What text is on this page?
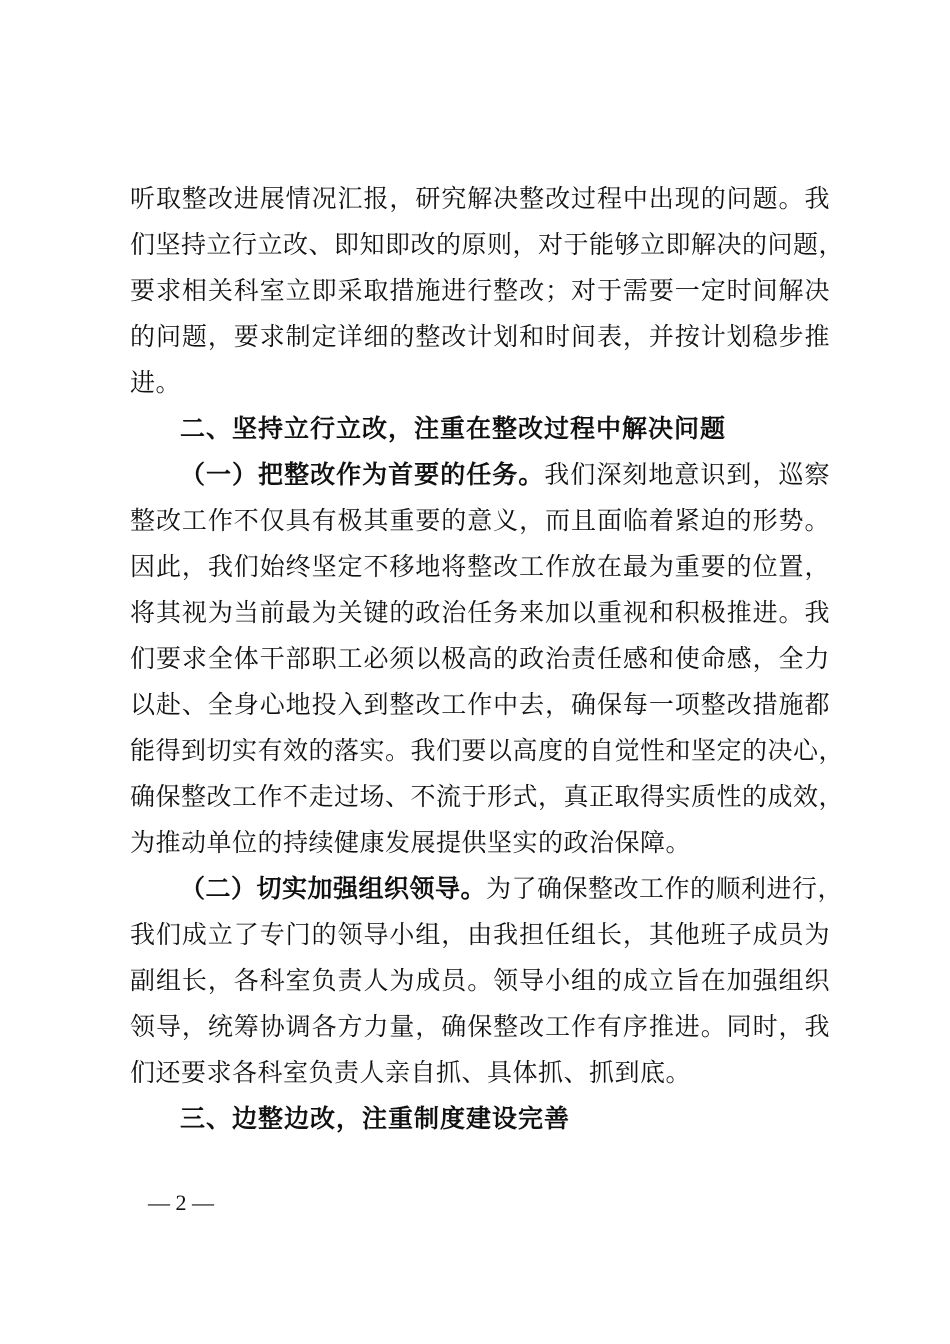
听取整改进展情况汇报，研究解决整改过程中出现的问题。我
们坚持立行立改、即知即改的原则，对于能够立即解决的问题，
要求相关科室立即采取措施进行整改；对于需要一定时间解决
的问题，要求制定详细的整改计划和时间表，并按计划稳步推
进。
二、坚持立行立改，注重在整改过程中解决问题
（一）把整改作为首要的任务。我们深刻地意识到，巡察
整改工作不仅具有极其重要的意义，而且面临着紧迫的形势。
因此，我们始终坚定不移地将整改工作放在最为重要的位置，
将其视为当前最为关键的政治任务来加以重视和积极推进。我
们要求全体干部职工必须以极高的政治责任感和使命感，全力
以赴、全身心地投入到整改工作中去，确保每一项整改措施都
能得到切实有效的落实。我们要以高度的自觉性和坚定的决心，
确保整改工作不走过场、不流于形式，真正取得实质性的成效，
为推动单位的持续健康发展提供坚实的政治保障。
（二）切实加强组织领导。为了确保整改工作的顺利进行，
我们成立了专门的领导小组，由我担任组长，其他班子成员为
副组长，各科室负责人为成员。领导小组的成立旨在加强组织
领导，统筹协调各方力量，确保整改工作有序推进。同时，我
们还要求各科室负责人亲自抓、具体抓、抓到底。
三、边整边改，注重制度建设完善
— 2 —
